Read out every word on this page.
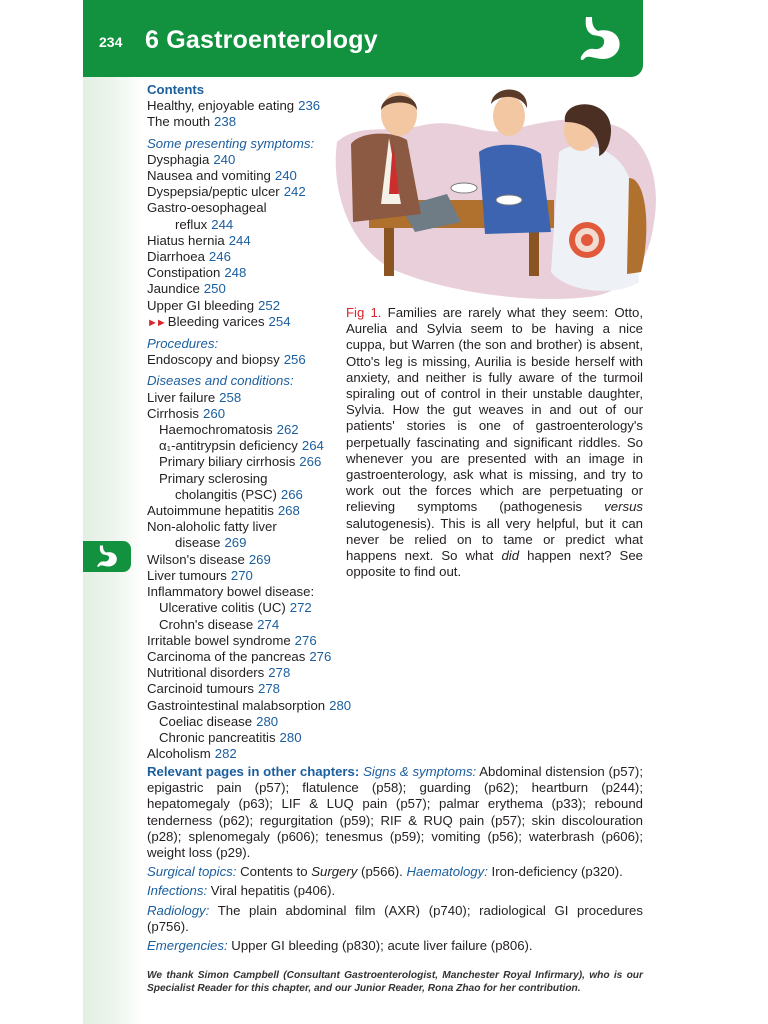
234 6 Gastroenterology
Contents
Healthy, enjoyable eating 236
The mouth 238
Some presenting symptoms:
Dysphagia 240
Nausea and vomiting 240
Dyspepsia/peptic ulcer 242
Gastro-oesophageal
reflux 244
Hiatus hernia 244
Diarrhoea 246
Constipation 248
Jaundice 250
Upper GI bleeding 252
►► Bleeding varices 254
Procedures:
Endoscopy and biopsy 256
Diseases and conditions:
Liver failure 258
Cirrhosis 260
Haemochromatosis 262
α₁-antitrypsin deficiency 264
Primary biliary cirrhosis 266
Primary sclerosing
cholangitis (PSC) 266
Autoimmune hepatitis 268
Non-aloholic fatty liver
disease 269
Wilson's disease 269
Liver tumours 270
Inflammatory bowel disease:
Ulcerative colitis (UC) 272
Crohn's disease 274
Irritable bowel syndrome 276
Carcinoma of the pancreas 276
Nutritional disorders 278
Carcinoid tumours 278
Gastrointestinal malabsorption 280
Coeliac disease 280
Chronic pancreatitis 280
Alcoholism 282
Fig 1. Families are rarely what they seem: Otto, Aurelia and Sylvia seem to be having a nice cuppa, but Warren (the son and brother) is absent, Otto's leg is missing, Aurilia is beside herself with anxiety, and neither is fully aware of the turmoil spiraling out of control in their unstable daughter, Sylvia. How the gut weaves in and out of our patients' stories is one of gastroenterology's perpetually fascinating and significant riddles. So whenever you are presented with an image in gastroenterology, ask what is missing, and try to work out the forces which are perpetuating or relieving symptoms (pathogenesis versus salutogenesis). This is all very helpful, but it can never be relied on to tame or predict what happens next. So what did happen next? See opposite to find out.

Relevant pages in other chapters: Signs & symptoms: Abdominal distension (p57); epigastric pain (p57); flatulence (p58); guarding (p62); heartburn (p244); hepatomegaly (p63); LIF & LUQ pain (p57); palmar erythema (p33); rebound tenderness (p62); regurgitation (p59); RIF & RUQ pain (p57); skin discolouration (p28); splenomegaly (p606); tenesmus (p59); vomiting (p56); waterbrash (p606); weight loss (p29).

Surgical topics: Contents to Surgery (p566). Haematology: Iron-deficiency (p320).

Infections: Viral hepatitis (p406).

Radiology: The plain abdominal film (AXR) (p740); radiological GI procedures (p756).

Emergencies: Upper GI bleeding (p830); acute liver failure (p806).

We thank Simon Campbell (Consultant Gastroenterologist, Manchester Royal Infirmary), who is our Specialist Reader for this chapter, and our Junior Reader, Rona Zhao for her contribution.
